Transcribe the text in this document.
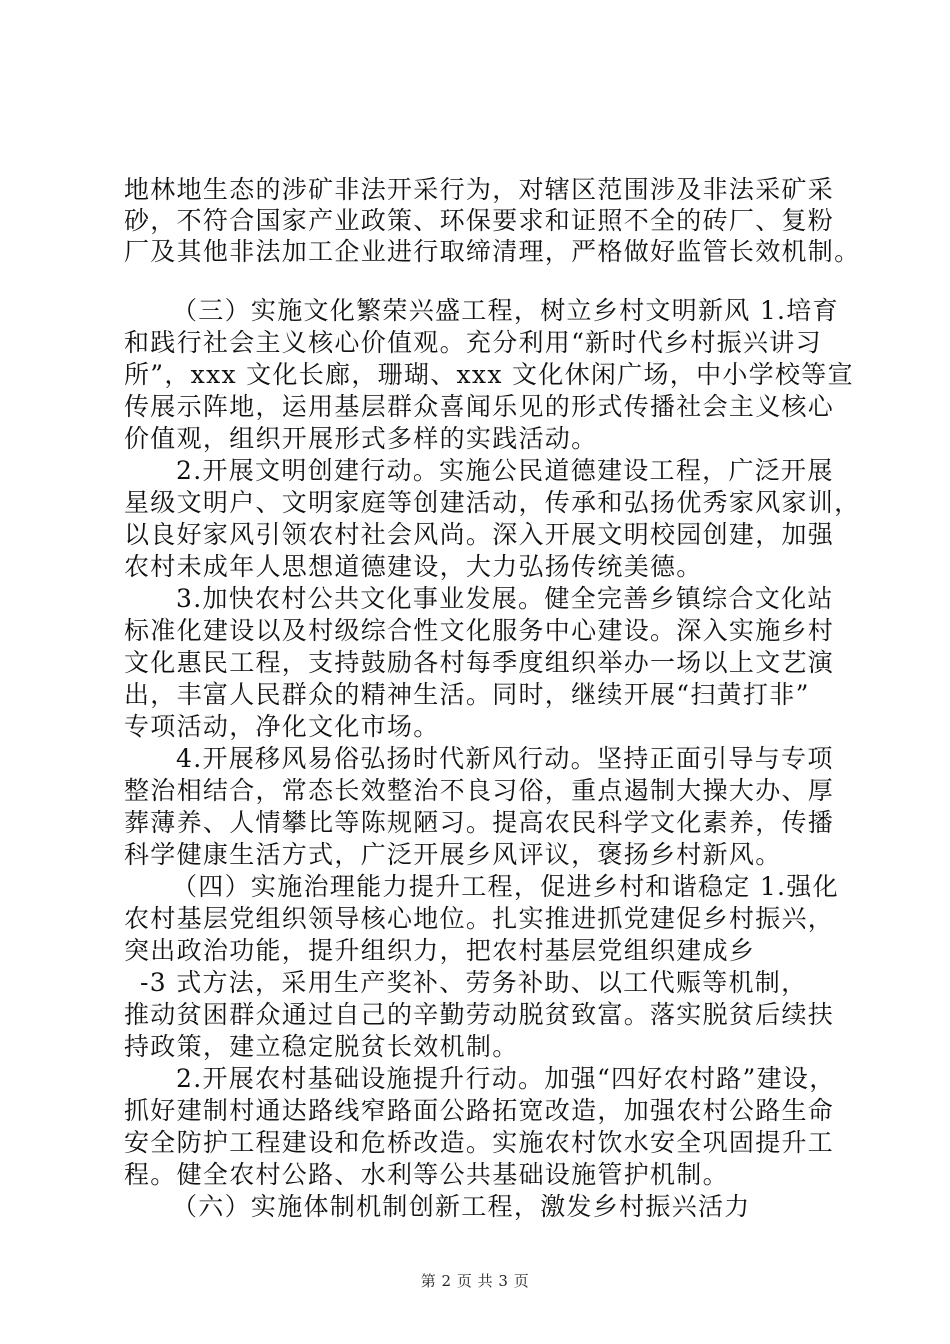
地林地生态的涉矿非法开采行为，对辖区范围涉及非法采矿采
砂，不符合国家产业政策、环保要求和证照不全的砖厂、复粉
厂及其他非法加工企业进行取缔清理，严格做好监管长效机制。
（三）实施文化繁荣兴盛工程，树立乡村文明新风 1.培育
和践行社会主义核心价值观。充分利用“新时代乡村振兴讲习
所”，xxx 文化长廊，珊瑚、xxx 文化休闲广场，中小学校等宣
传展示阵地，运用基层群众喜闻乐见的形式传播社会主义核心
价值观，组织开展形式多样的实践活动。
2.开展文明创建行动。实施公民道德建设工程，广泛开展
星级文明户、文明家庭等创建活动，传承和弘扬优秀家风家训，
以良好家风引领农村社会风尚。深入开展文明校园创建，加强
农村未成年人思想道德建设，大力弘扬传统美德。
3.加快农村公共文化事业发展。健全完善乡镇综合文化站
标准化建设以及村级综合性文化服务中心建设。深入实施乡村
文化惠民工程，支持鼓励各村每季度组织举办一场以上文艺演
出，丰富人民群众的精神生活。同时，继续开展“扫黄打非”
专项活动，净化文化市场。
4.开展移风易俗弘扬时代新风行动。坚持正面引导与专项
整治相结合，常态长效整治不良习俗，重点遏制大操大办、厚
葬薄养、人情攀比等陈规陋习。提高农民科学文化素养，传播
科学健康生活方式，广泛开展乡风评议，褒扬乡村新风。
（四）实施治理能力提升工程，促进乡村和谐稳定 1.强化
农村基层党组织领导核心地位。扎实推进抓党建促乡村振兴，
突出政治功能，提升组织力，把农村基层党组织建成乡
-3 式方法，采用生产奖补、劳务补助、以工代赈等机制，
推动贫困群众通过自己的辛勤劳动脱贫致富。落实脱贫后续扶
持政策，建立稳定脱贫长效机制。
2.开展农村基础设施提升行动。加强“四好农村路”建设，
抓好建制村通达路线窄路面公路拓宽改造，加强农村公路生命
安全防护工程建设和危桥改造。实施农村饮水安全巩固提升工
程。健全农村公路、水利等公共基础设施管护机制。
（六）实施体制机制创新工程，激发乡村振兴活力
第 2 页 共 3 页
